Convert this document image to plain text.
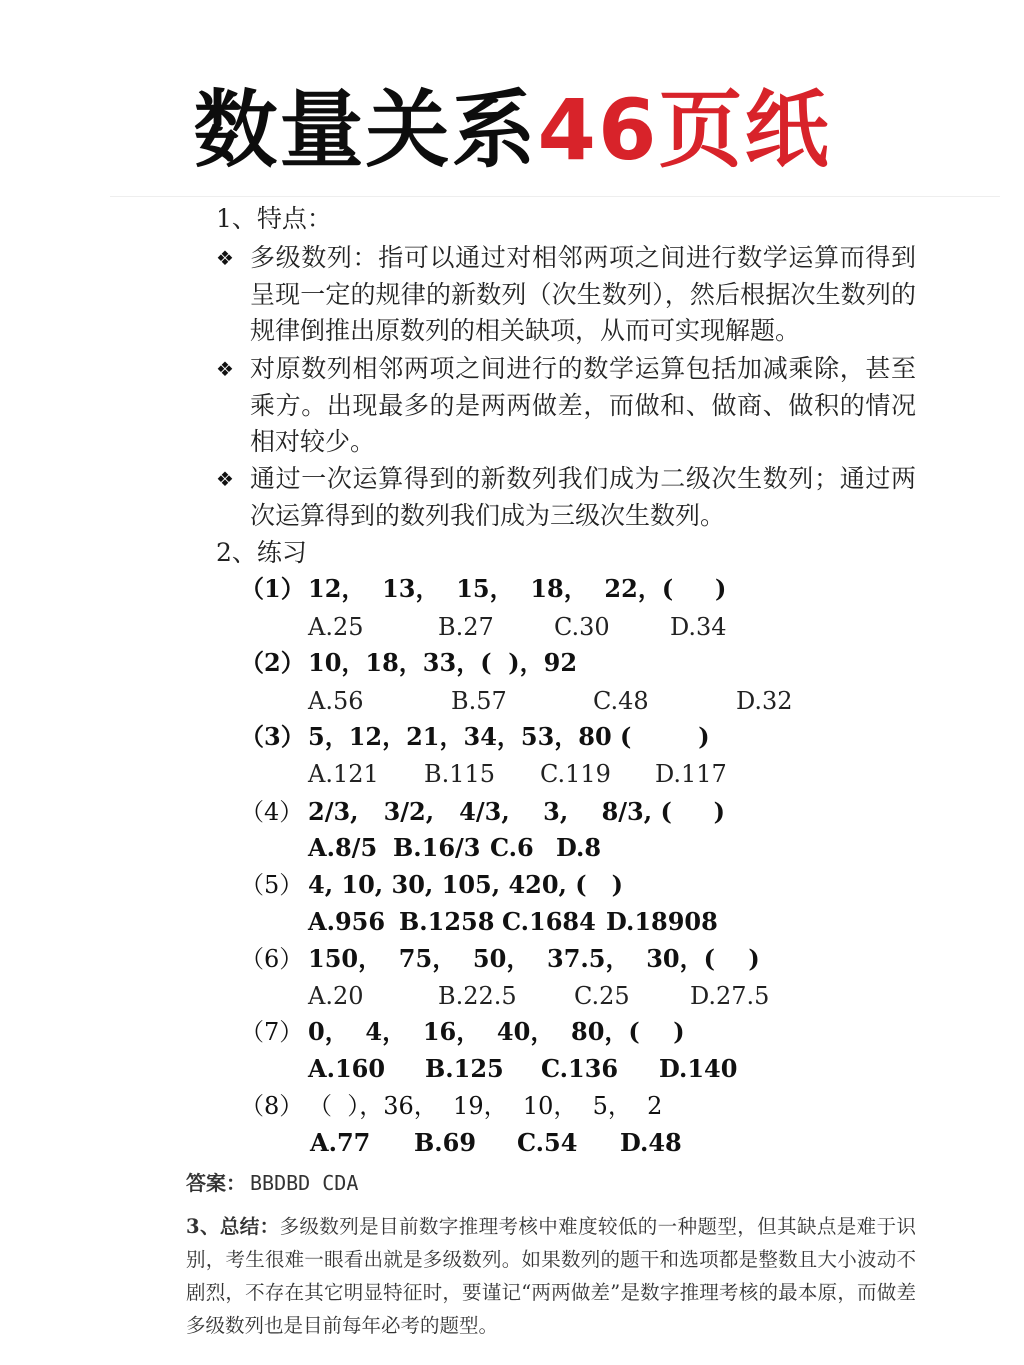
数量关系46页纸
1、特点：
❖ 多级数列：指可以通过对相邻两项之间进行数学运算而得到呈现一定的规律的新数列（次生数列），然后根据次生数列的规律倒推出原数列的相关缺项，从而可实现解题。
❖ 对原数列相邻两项之间进行的数学运算包括加减乘除，甚至乘方。出现最多的是两两做差，而做和、做商、做积的情况相对较少。
❖ 通过一次运算得到的新数列我们成为二级次生数列；通过两次运算得到的数列我们成为三级次生数列。
2、练习
（1） 12，  13，  15，  18，  22，(     )
A.25	B.27	C.30	D.34
（2） 10，18，33，(  )，92
A.56	B.57	C.48	D.32
（3） 5，12，21，34，53，80 (        )
A.121 B.115 C.119 D.117
（4） 2/3,   3/2,   4/3,    3,    8/3, (     )
A.8/5 B.16/3 C.6 D.8
（5） 4, 10, 30, 105, 420, (   )
A.956 B.1258 C.1684 D.18908
（6） 150，  75，  50，  37.5，  30，(    )
A.20	B.22.5 C.25	D.27.5
（7） 0，  4，  16，  40，  80，(    )
A.160 B.125 C.136 D.140
（8） （  ），36，  19，  10，  5，  2
A.77 B.69 C.54 D.48
答案： BBDBD CDA
3、总结：多级数列是目前数字推理考核中难度较低的一种题型，但其缺点是难于识别，考生很难一眼看出就是多级数列。如果数列的题干和选项都是整数且大小波动不剧烈，不存在其它明显特征时，要谨记“两两做差”是数字推理考核的最本原，而做差多级数列也是目前每年必考的题型。
